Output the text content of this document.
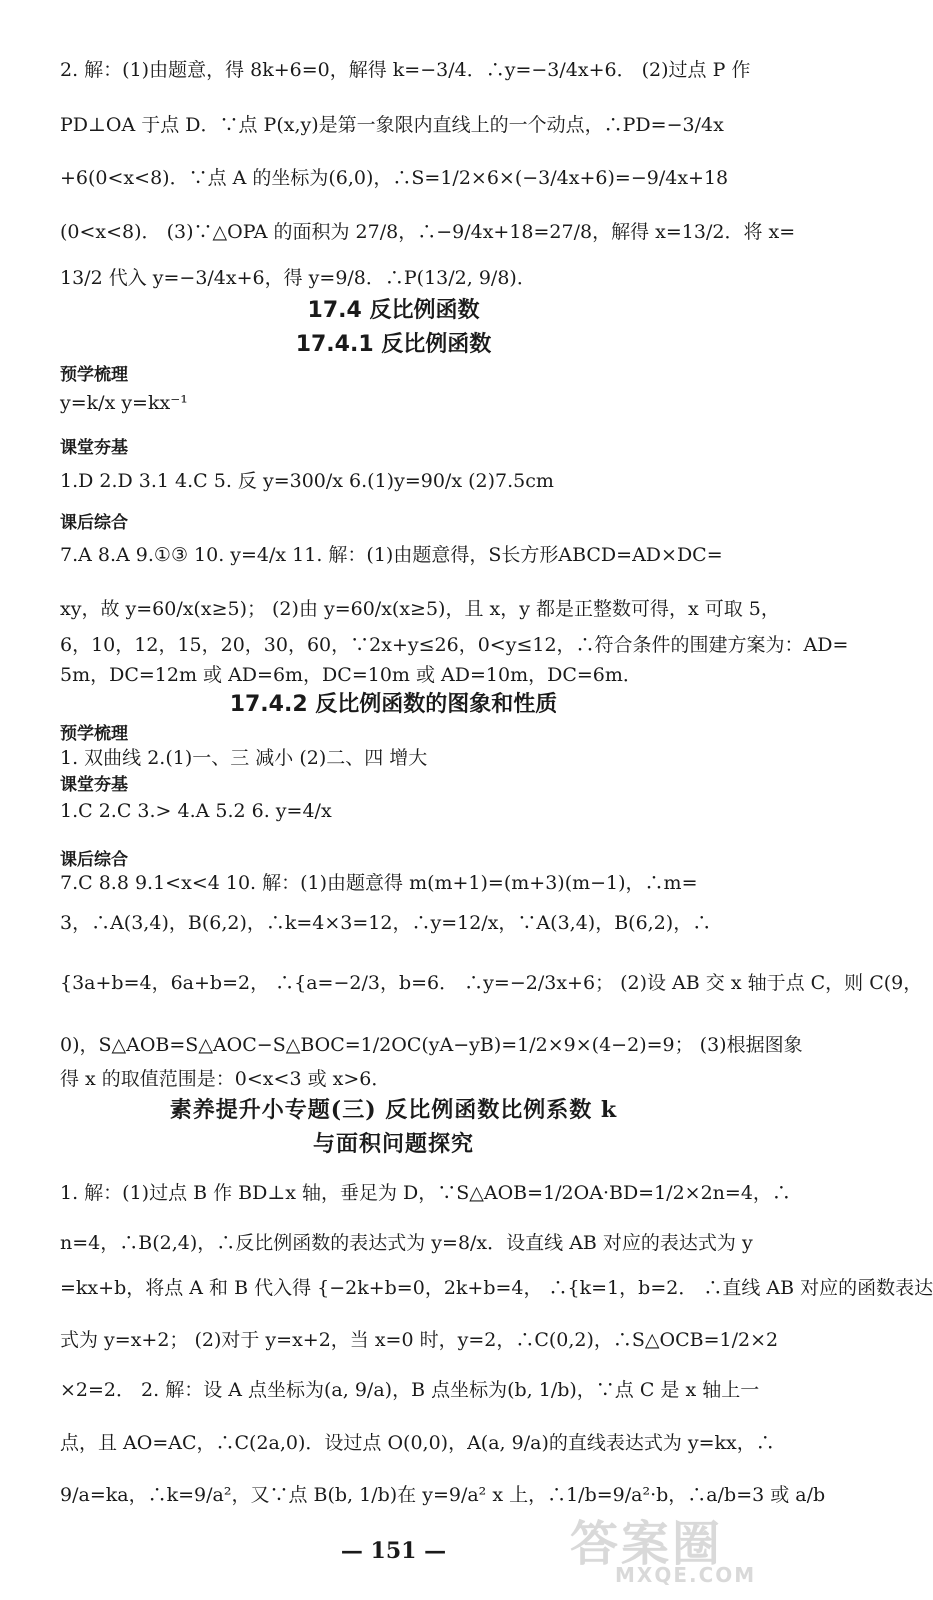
2. 解：(1)由题意，得 8k+6=0，解得 k=−3/4．∴y=−3/4x+6． (2)过点 P 作

PD⊥OA 于点 D．∵点 P(x,y)是第一象限内直线上的一个动点，∴PD=−3/4x

+6(0<x<8)．∵点 A 的坐标为(6,0)，∴S=1/2×6×(−3/4x+6)=−9/4x+18

(0<x<8)． (3)∵△OPA 的面积为 27/8，∴−9/4x+18=27/8，解得 x=13/2．将 x=

13/2 代入 y=−3/4x+6，得 y=9/8．∴P(13/2, 9/8)．

17.4 反比例函数
17.4.1 反比例函数
预学梳理

y=k/x y=kx⁻¹

课堂夯基

1.D 2.D 3.1 4.C 5. 反 y=300/x 6.(1)y=90/x (2)7.5cm

课后综合

7.A 8.A 9.①③ 10. y=4/x 11. 解：(1)由题意得，S长方形ABCD=AD×DC=

xy，故 y=60/x(x≥5)； (2)由 y=60/x(x≥5)，且 x，y 都是正整数可得，x 可取 5，

6，10，12，15，20，30，60，∵2x+y≤26，0<y≤12，∴符合条件的围建方案为：AD=

5m，DC=12m 或 AD=6m，DC=10m 或 AD=10m，DC=6m．

17.4.2 反比例函数的图象和性质
预学梳理

1. 双曲线 2.(1)一、三 减小 (2)二、四 增大

课堂夯基

1.C 2.C 3.> 4.A 5.2 6. y=4/x

课后综合

7.C 8.8 9.1<x<4 10. 解：(1)由题意得 m(m+1)=(m+3)(m−1)，∴m=

3，∴A(3,4)，B(6,2)，∴k=4×3=12，∴y=12/x，∵A(3,4)，B(6,2)，∴

{3a+b=4，6a+b=2， ∴{a=−2/3，b=6． ∴y=−2/3x+6； (2)设 AB 交 x 轴于点 C，则 C(9，

0)，S△AOB=S△AOC−S△BOC=1/2OC(yA−yB)=1/2×9×(4−2)=9； (3)根据图象

得 x 的取值范围是：0<x<3 或 x>6．

素养提升小专题(三) 反比例函数比例系数 k
与面积问题探究

1. 解：(1)过点 B 作 BD⊥x 轴，垂足为 D，∵S△AOB=1/2OA·BD=1/2×2n=4，∴

n=4，∴B(2,4)，∴反比例函数的表达式为 y=8/x．设直线 AB 对应的表达式为 y

=kx+b，将点 A 和 B 代入得 {−2k+b=0，2k+b=4， ∴{k=1，b=2． ∴直线 AB 对应的函数表达

式为 y=x+2； (2)对于 y=x+2，当 x=0 时，y=2，∴C(0,2)，∴S△OCB=1/2×2

×2=2． 2. 解：设 A 点坐标为(a, 9/a)，B 点坐标为(b, 1/b)，∵点 C 是 x 轴上一

点，且 AO=AC，∴C(2a,0)．设过点 O(0,0)，A(a, 9/a)的直线表达式为 y=kx，∴

9/a=ka，∴k=9/a²，又∵点 B(b, 1/b)在 y=9/a² x 上，∴1/b=9/a²·b，∴a/b=3 或 a/b

— 151 —	答案圈
MXQE.COM
